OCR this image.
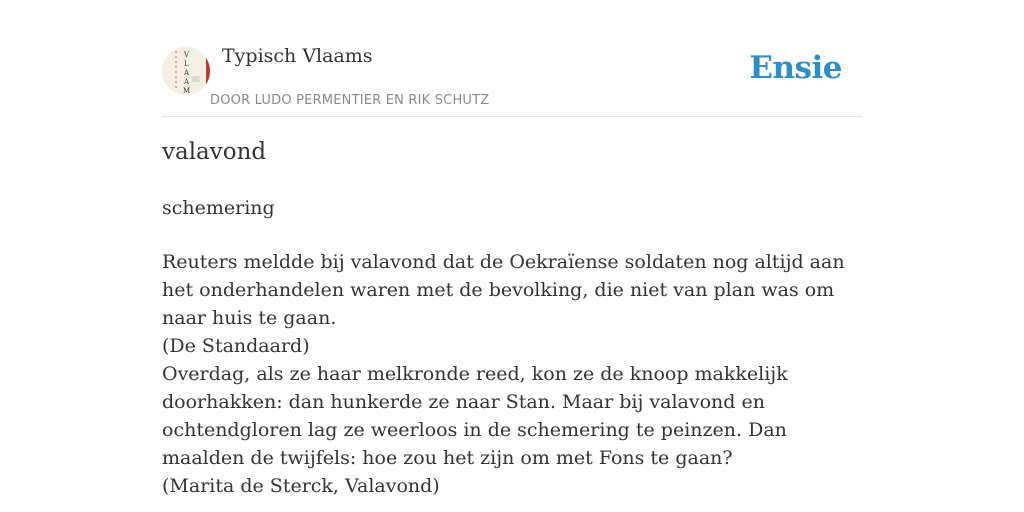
V
L
A
A
M
Typisch Vlaams
DOOR LUDO PERMENTIER EN RIK SCHUTZ
Ensie
valavond
schemering

Reuters meldde bij valavond dat de Oekraïense soldaten nog altijd aan het onderhandelen waren met de bevolking, die niet van plan was om naar huis te gaan.

(De Standaard)

Overdag, als ze haar melkronde reed, kon ze de knoop makkelijk doorhakken: dan hunkerde ze naar Stan. Maar bij valavond en ochtendgloren lag ze weerloos in de schemering te peinzen. Dan maalden de twijfels: hoe zou het zijn om met Fons te gaan?

(Marita de Sterck, Valavond)
